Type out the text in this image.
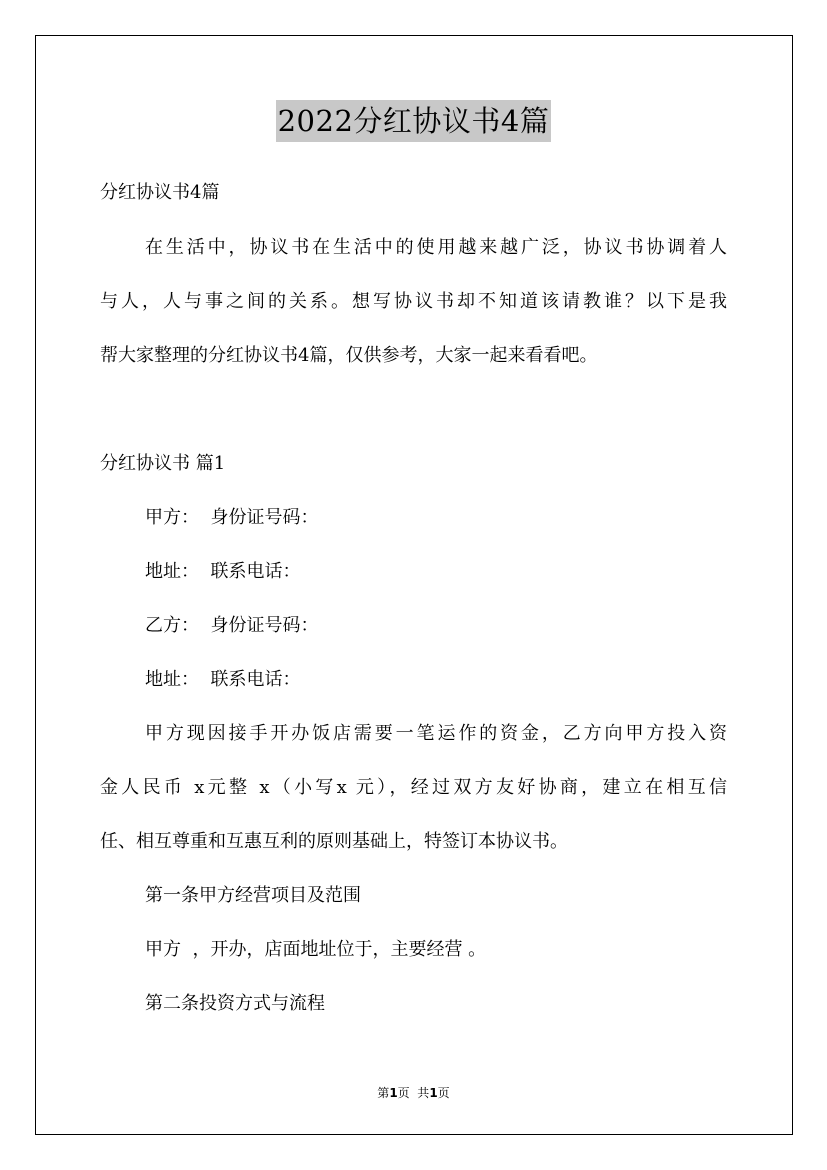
2022分红协议书4篇
分红协议书4篇
在生活中，协议书在生活中的使用越来越广泛，协议书协调着人
与人，人与事之间的关系。想写协议书却不知道该请教谁？以下是我
帮大家整理的分红协议书4篇，仅供参考，大家一起来看看吧。
分红协议书 篇1
甲方：  身份证号码：
地址：  联系电话：
乙方：  身份证号码：
地址：  联系电话：
甲方现因接手开办饭店需要一笔运作的资金，乙方向甲方投入资
金人民币 x元整 x（小写x 元），经过双方友好协商，建立在相互信
任、相互尊重和互惠互利的原则基础上，特签订本协议书。
第一条甲方经营项目及范围
甲方  ，开办，店面地址位于，主要经营 。
第二条投资方式与流程
第1页  共1页
